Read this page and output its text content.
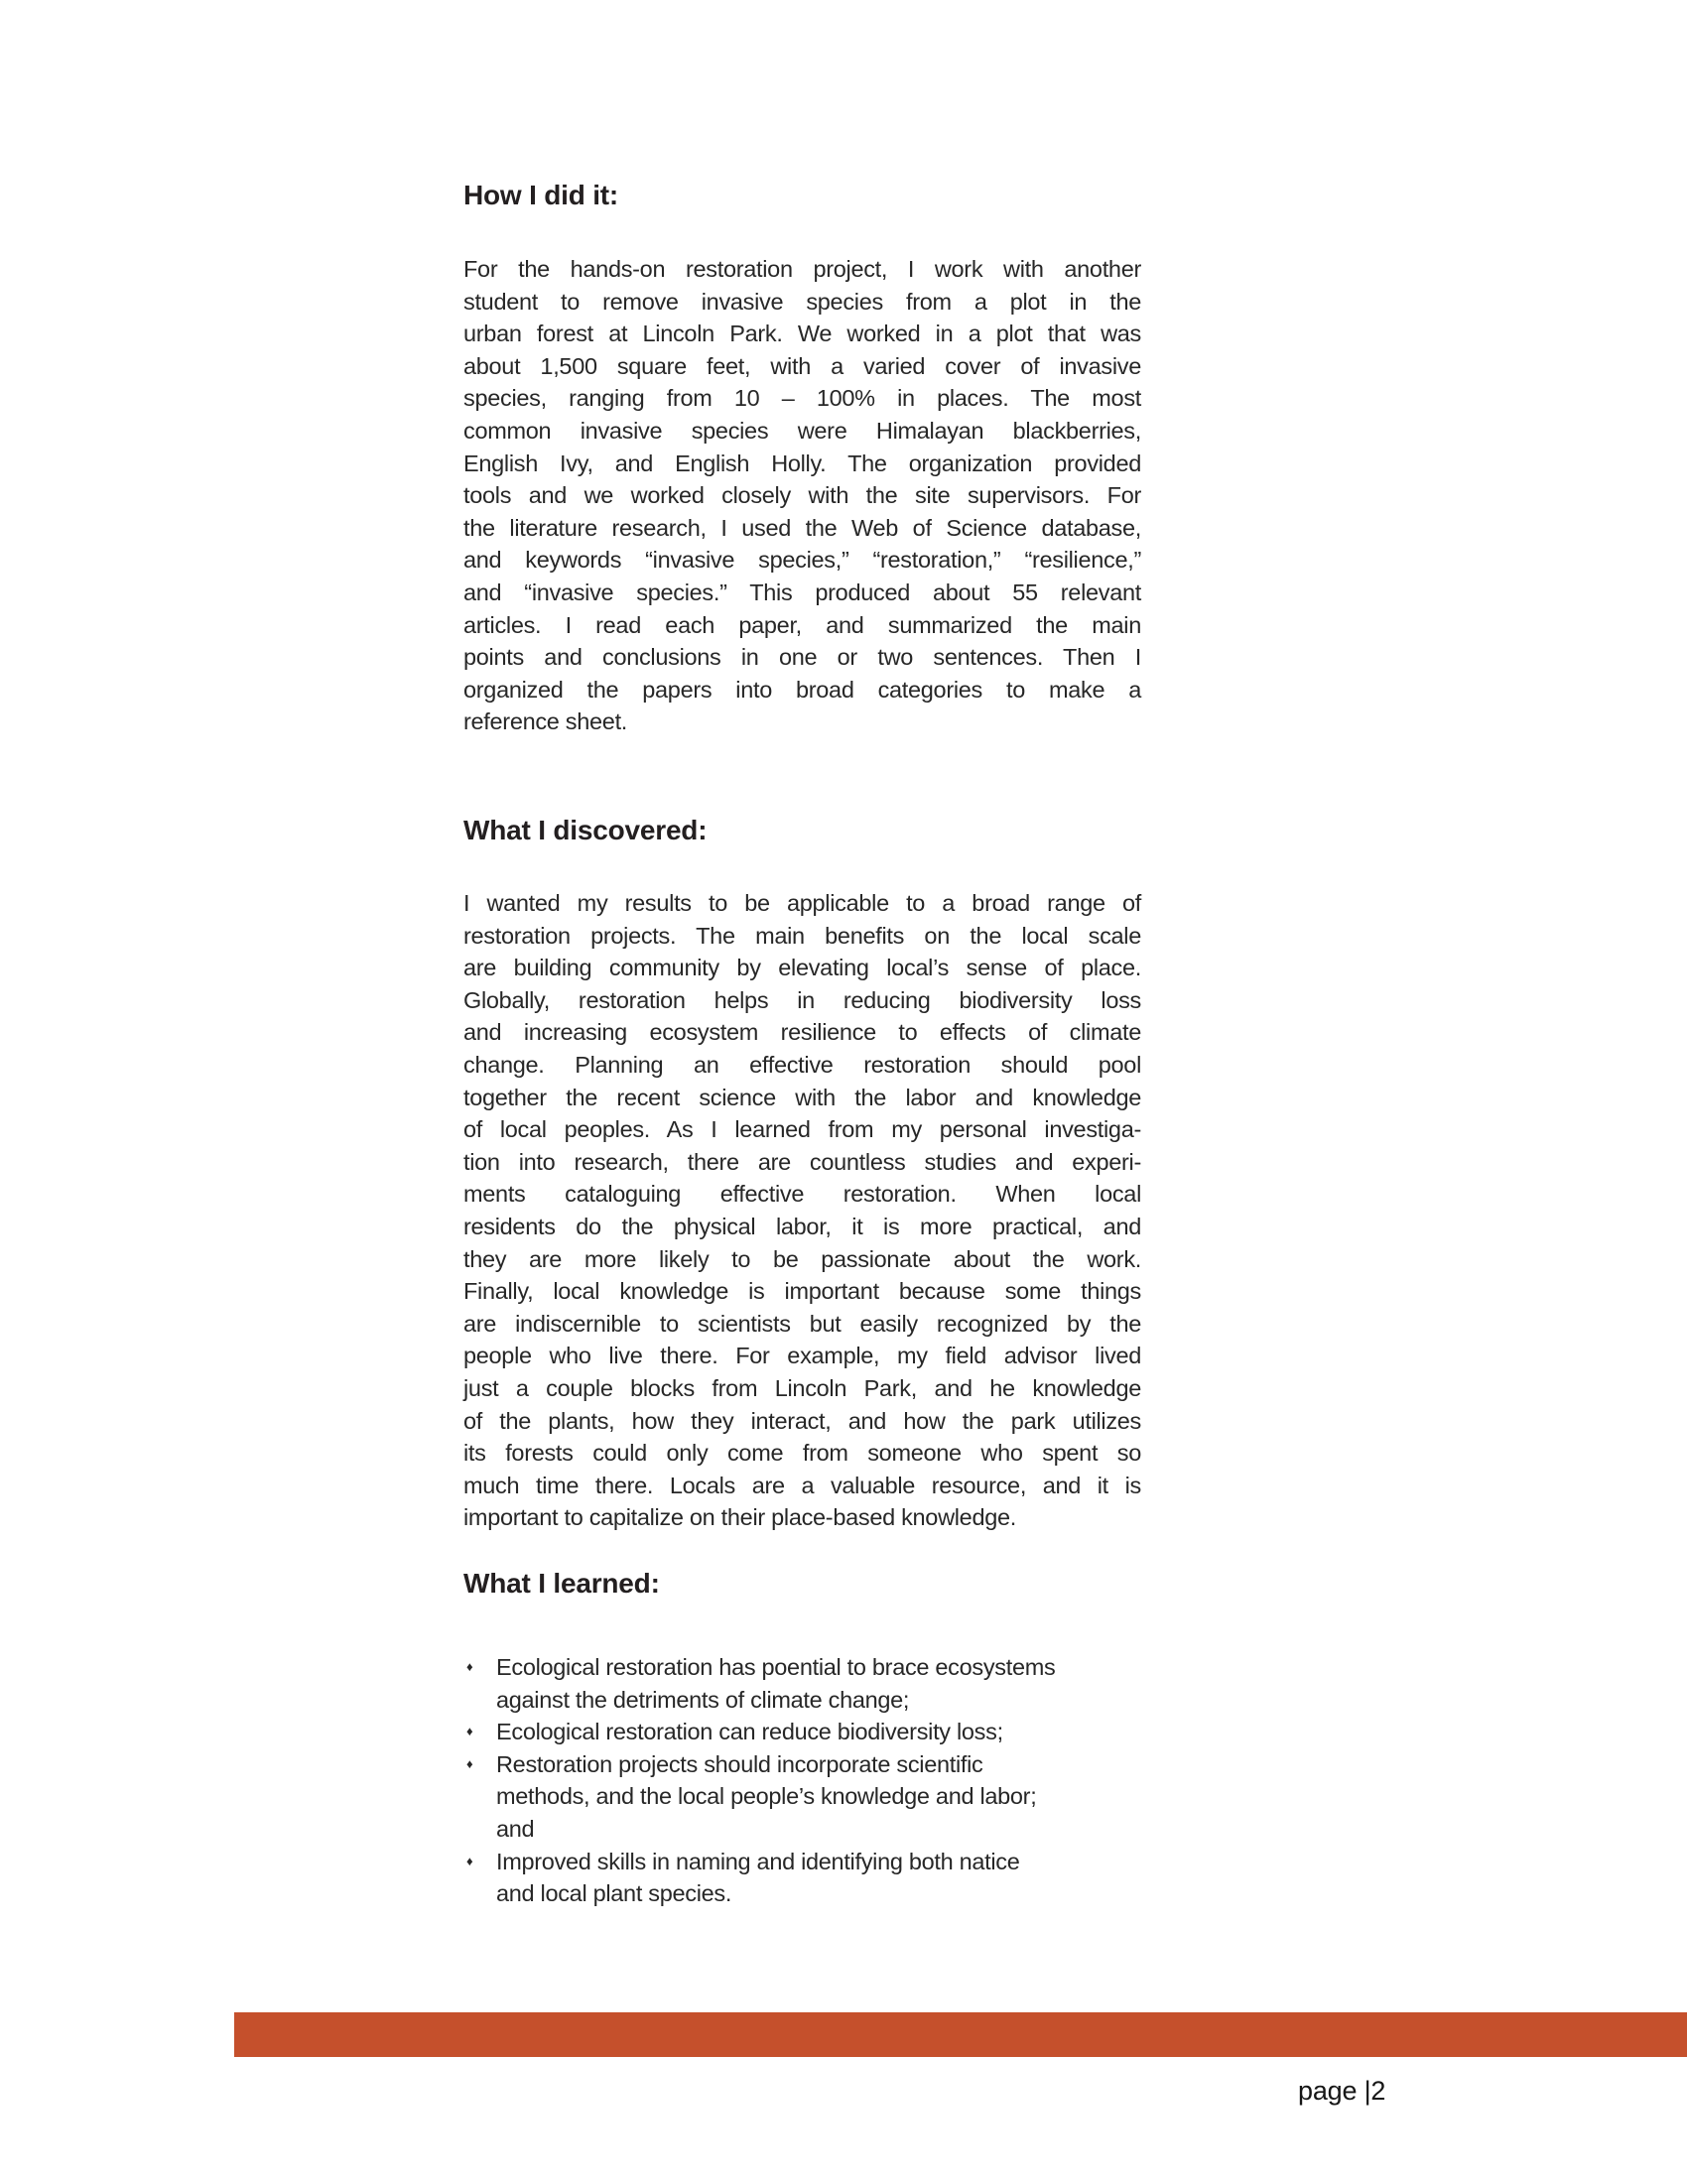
How I did it:
For the hands-on restoration project, I work with another
student to remove invasive species from a plot in the
urban forest at Lincoln Park. We worked in a plot that was
about 1,500 square feet, with a varied cover of invasive
species, ranging from 10 – 100% in places. The most
common invasive species were Himalayan blackberries,
English Ivy, and English Holly. The organization provided
tools and we worked closely with the site supervisors. For
the literature research, I used the Web of Science database,
and keywords “invasive species,” “restoration,” “resilience,”
and “invasive species.” This produced about 55 relevant
articles. I read each paper, and summarized the main
points and conclusions in one or two sentences. Then I
organized the papers into broad categories to make a
reference sheet.
What I discovered:
I wanted my results to be applicable to a broad range of
restoration projects. The main benefits on the local scale
are building community by elevating local’s sense of place.
Globally, restoration helps in reducing biodiversity loss
and increasing ecosystem resilience to effects of climate
change. Planning an effective restoration should pool
together the recent science with the labor and knowledge
of local peoples. As I learned from my personal investiga-
tion into research, there are countless studies and experi-
ments cataloguing effective restoration. When local
residents do the physical labor, it is more practical, and
they are more likely to be passionate about the work.
Finally, local knowledge is important because some things
are indiscernible to scientists but easily recognized by the
people who live there. For example, my field advisor lived
just a couple blocks from Lincoln Park, and he knowledge
of the plants, how they interact, and how the park utilizes
its forests could only come from someone who spent so
much time there. Locals are a valuable resource, and it is
important to capitalize on their place-based knowledge.
What I learned:
♦ Ecological restoration has poential to brace ecosystems
against the detriments of climate change;
♦ Ecological restoration can reduce biodiversity loss;
♦ Restoration projects should incorporate scientific
methods, and the local people’s knowledge and labor;
and
♦ Improved skills in naming and identifying both natice
and local plant species.
page |2
